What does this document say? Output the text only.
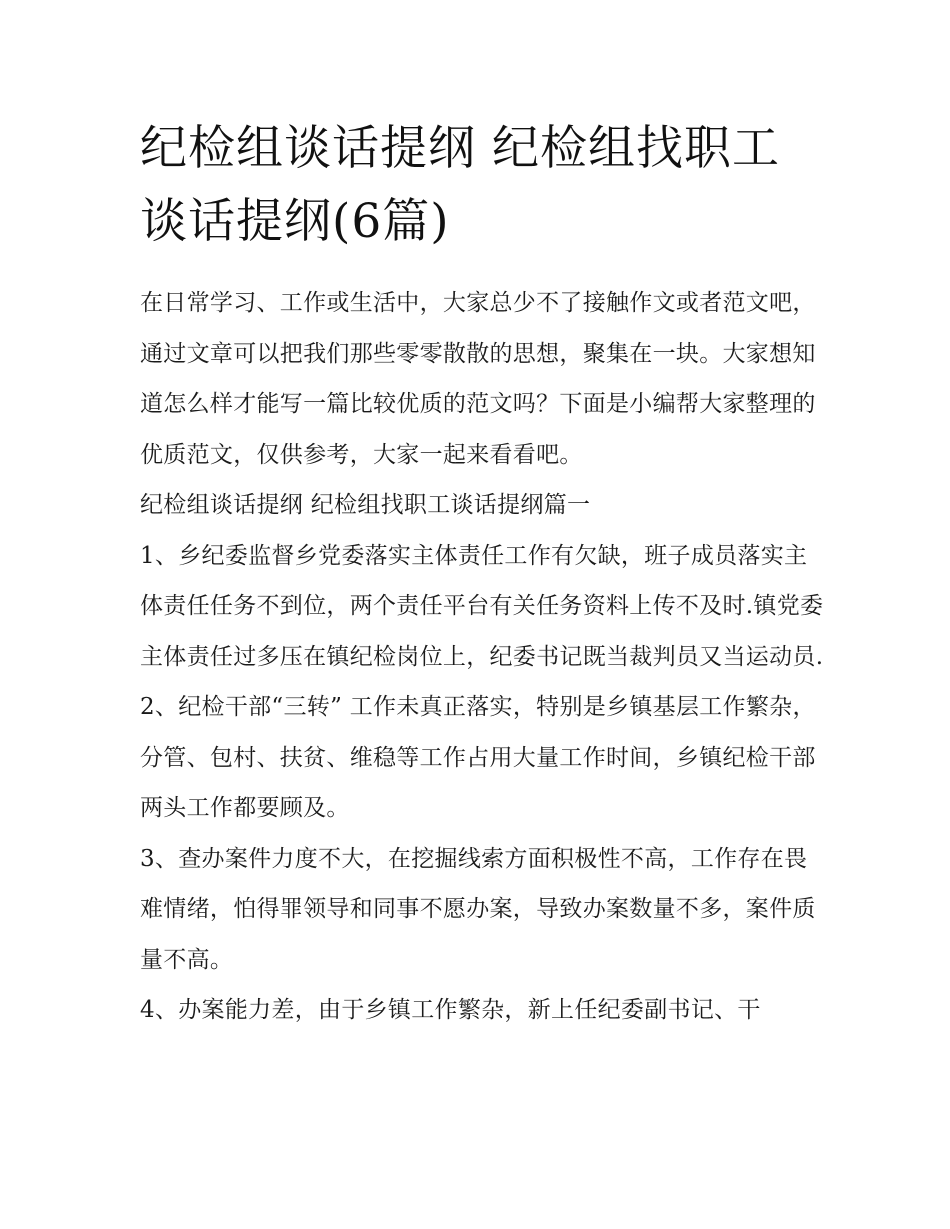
纪检组谈话提纲 纪检组找职工谈话提纲(6篇)

在日常学习、工作或生活中，大家总少不了接触作文或者范文吧，通过文章可以把我们那些零零散散的思想，聚集在一块。大家想知道怎么样才能写一篇比较优质的范文吗？下面是小编帮大家整理的优质范文，仅供参考，大家一起来看看吧。

纪检组谈话提纲 纪检组找职工谈话提纲篇一

1、乡纪委监督乡党委落实主体责任工作有欠缺，班子成员落实主体责任任务不到位，两个责任平台有关任务资料上传不及时.镇党委主体责任过多压在镇纪检岗位上，纪委书记既当裁判员又当运动员.

2、纪检干部“三转” 工作未真正落实，特别是乡镇基层工作繁杂，分管、包村、扶贫、维稳等工作占用大量工作时间，乡镇纪检干部两头工作都要顾及。

3、查办案件力度不大，在挖掘线索方面积极性不高，工作存在畏难情绪，怕得罪领导和同事不愿办案，导致办案数量不多，案件质量不高。

4、办案能力差，由于乡镇工作繁杂，新上任纪委副书记、干
